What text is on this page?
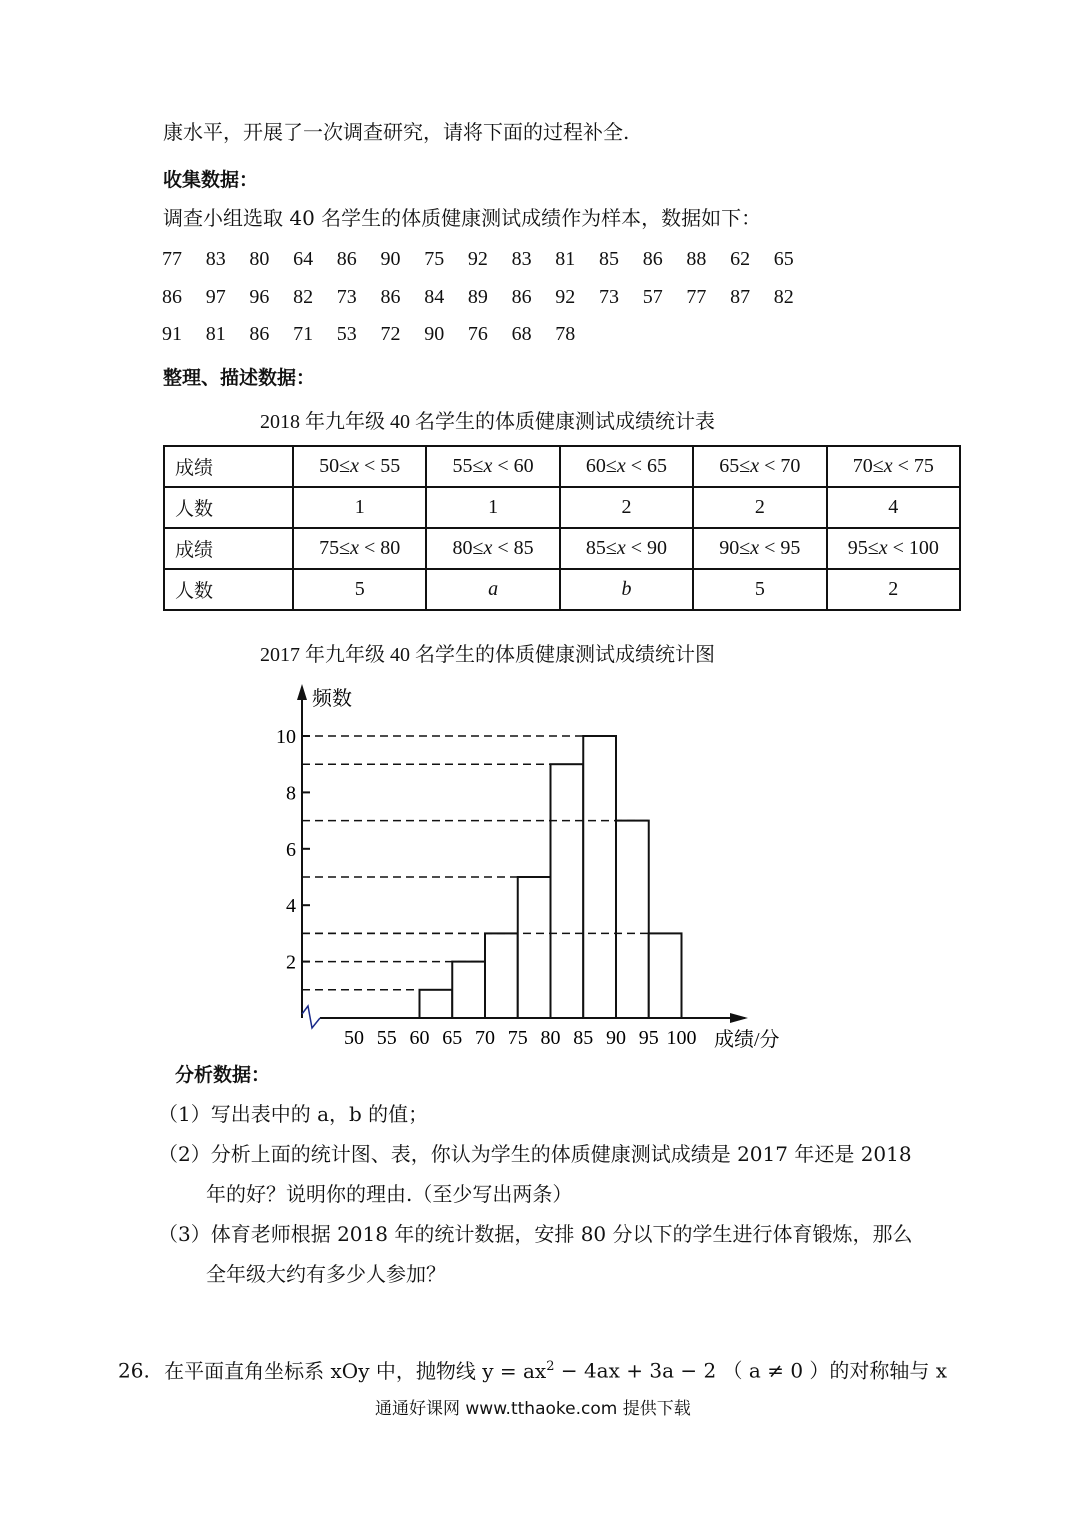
康水平，开展了一次调查研究，请将下面的过程补全.
收集数据：
调查小组选取 40 名学生的体质健康测试成绩作为样本，数据如下：
77 83 80 64 86 90 75 92 83 81 85 86 88 62 65
86 97 96 82 73 86 84 89 86 92 73 57 77 87 82
91 81 86 71 53 72 90 76 68 78
整理、描述数据：
2018 年九年级 40 名学生的体质健康测试成绩统计表
成绩	50≤x < 55	55≤x < 60	60≤x < 65	65≤x < 70	70≤x < 75
人数	1	1	2	2	4
成绩	75≤x < 80	80≤x < 85	85≤x < 90	90≤x < 95	95≤x < 100
人数	5	a	b	5	2
2017 年九年级 40 名学生的体质健康测试成绩统计图
频数
2
4
6
8
10
50 55 60 65 70 75 80 85 90 95 100 成绩/分
分析数据：
（1）写出表中的 a，b 的值；
（2）分析上面的统计图、表，你认为学生的体质健康测试成绩是 2017 年还是 2018
年的好？说明你的理由.（至少写出两条）
（3）体育老师根据 2018 年的统计数据，安排 80 分以下的学生进行体育锻炼，那么
全年级大约有多少人参加？
26. 在平面直角坐标系 xOy 中，抛物线 $y = ax^2 - 4ax + 3a - 2$ （ a ≠ 0 ）的对称轴与 x
通通好课网 www.tthaoke.com 提供下载
